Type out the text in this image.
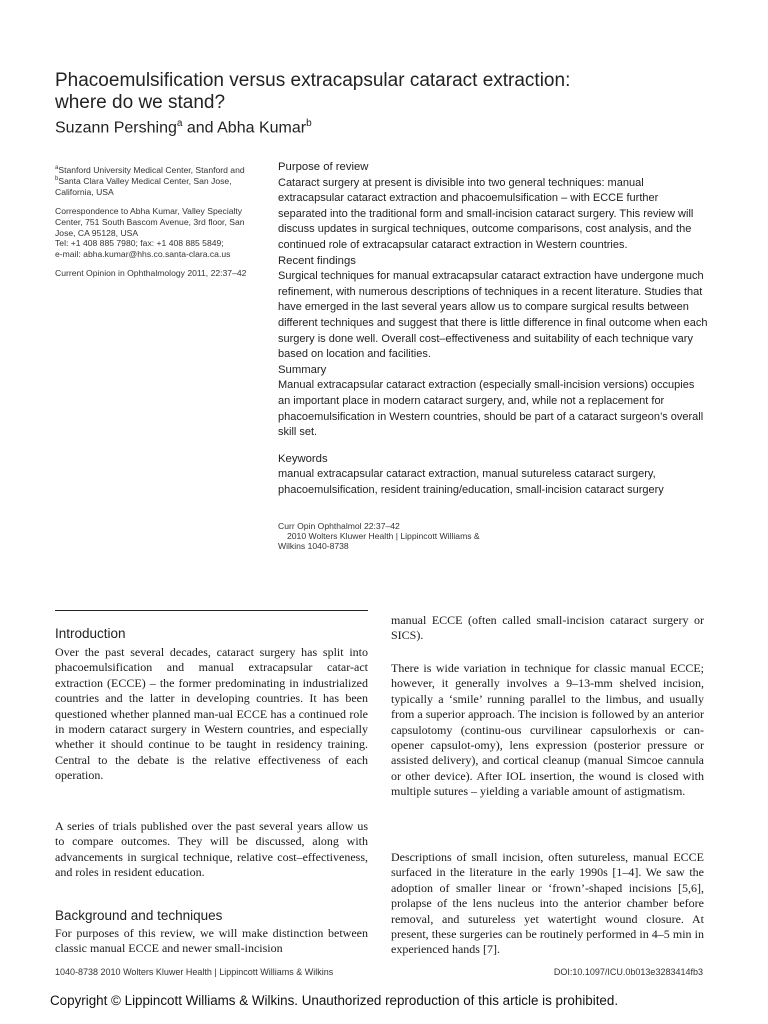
Phacoemulsification versus extracapsular cataract extraction:
where do we stand?
Suzann Pershing$^a$ and Abha Kumar$^b$
$^a$Stanford University Medical Center, Stanford and
$^b$Santa Clara Valley Medical Center, San Jose, California, USA
Correspondence to Abha Kumar, Valley Specialty Center, 751 South Bascom Avenue, 3rd floor, San Jose, CA 95128, USA
Tel: +1 408 885 7980; fax: +1 408 885 5849;
e-mail: abha.kumar@hhs.co.santa-clara.ca.us
Current Opinion in Ophthalmology 2011, 22:37–42
Purpose of review

Cataract surgery at present is divisible into two general techniques: manual extracapsular cataract extraction and phacoemulsification – with ECCE further separated into the traditional form and small-incision cataract surgery. This review will discuss updates in surgical techniques, outcome comparisons, cost analysis, and the continued role of extracapsular cataract extraction in Western countries.

Recent findings

Surgical techniques for manual extracapsular cataract extraction have undergone much refinement, with numerous descriptions of techniques in a recent literature. Studies that have emerged in the last several years allow us to compare surgical results between different techniques and suggest that there is little difference in final outcome when each surgery is done well. Overall cost–effectiveness and suitability of each technique vary based on location and facilities.

Summary

Manual extracapsular cataract extraction (especially small-incision versions) occupies an important place in modern cataract surgery, and, while not a replacement for phacoemulsification in Western countries, should be part of a cataract surgeon’s overall skill set.

Keywords

manual extracapsular cataract extraction, manual sutureless cataract surgery, phacoemulsification, resident training/education, small-incision cataract surgery

Curr Opin Ophthalmol 22:37–42
2010 Wolters Kluwer Health | Lippincott Williams &
Wilkins 1040-8738
Introduction

Over the past several decades, cataract surgery has split into phacoemulsification and manual extracapsular catar-act extraction (ECCE) – the former predominating in industrialized countries and the latter in developing countries. It has been questioned whether planned man-ual ECCE has a continued role in modern cataract surgery in Western countries, and especially whether it should continue to be taught in residency training. Central to the debate is the relative effectiveness of each operation.

A series of trials published over the past several years allow us to compare outcomes. They will be discussed, along with advancements in surgical technique, relative cost–effectiveness, and roles in resident education.

Background and techniques

For purposes of this review, we will make distinction between classic manual ECCE and newer small-incision

manual ECCE (often called small-incision cataract surgery or SICS).

There is wide variation in technique for classic manual ECCE; however, it generally involves a 9–13-mm shelved incision, typically a ‘smile’ running parallel to the limbus, and usually from a superior approach. The incision is followed by an anterior capsulotomy (continu-ous curvilinear capsulorhexis or can-opener capsulot-omy), lens expression (posterior pressure or assisted delivery), and cortical cleanup (manual Simcoe cannula or other device). After IOL insertion, the wound is closed with multiple sutures – yielding a variable amount of astigmatism.

Descriptions of small incision, often sutureless, manual ECCE surfaced in the literature in the early 1990s [1–4]. We saw the adoption of smaller linear or ‘frown’-shaped incisions [5,6], prolapse of the lens nucleus into the anterior chamber before removal, and sutureless yet watertight wound closure. At present, these surgeries can be routinely performed in 4–5 min in experienced hands [7].

1040-8738 2010 Wolters Kluwer Health | Lippincott Williams & Wilkins	DOI:10.1097/ICU.0b013e3283414fb3
Copyright © Lippincott Williams & Wilkins. Unauthorized reproduction of this article is prohibited.
